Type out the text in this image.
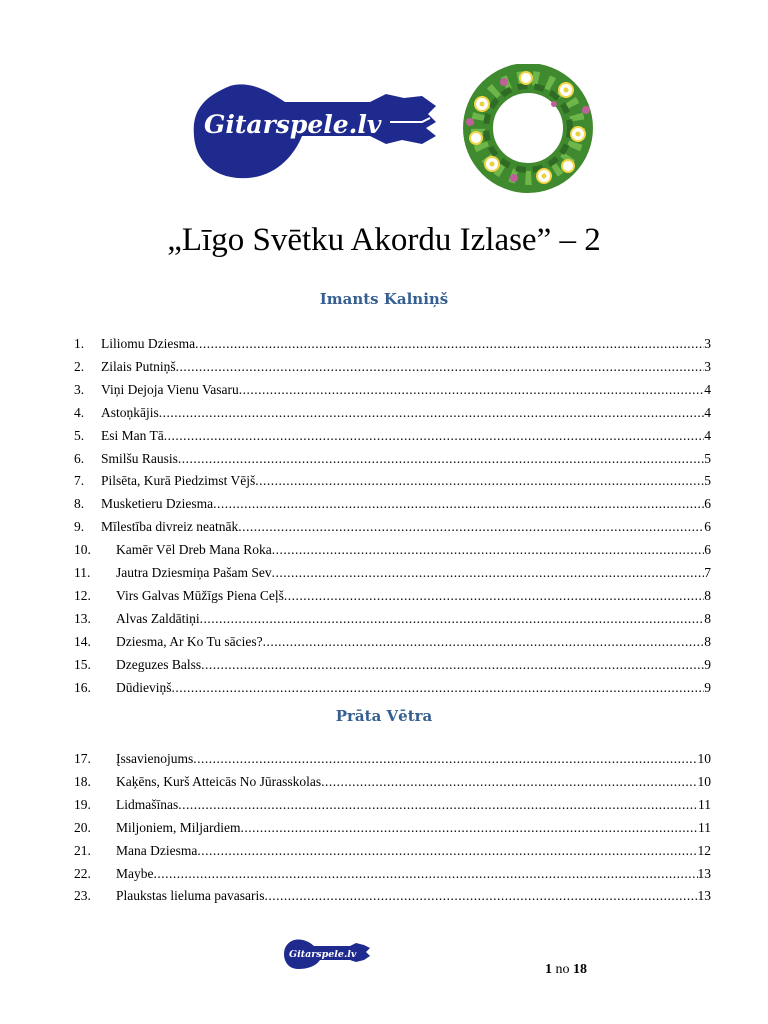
Gitarspele.lv
„Līgo Svētku Akordu Izlase” – 2
Imants Kalniņš
1. Liliomu Dziesma .....	3
2. Zilais Putniņš .....	3
3. Viņi Dejoja Vienu Vasaru .....	4
4. Astoņkājis .....	4
5. Esi Man Tā .....	4
6. Smilšu Rausis .....	5
7. Pilsēta, Kurā Piedzimst Vējš .....	5
8. Musketieru Dziesma .....	6
9. Mīlestība divreiz neatnāk .....	6
10. Kamēr Vēl Dreb Mana Roka .....	6
11. Jautra Dziesmiņa Pašam Sev .....	7
12. Virs Galvas Mūžīgs Piena Ceļš .....	8
13. Alvas Zaldātiņi .....	8
14. Dziesma, Ar Ko Tu sācies? .....	8
15. Dzeguzes Balss .....	9
16. Dūdieviņš .....	9
Prāta Vētra
17. Įssavienojums .....	10
18. Kaķēns, Kurš Atteicās No Jūrasskolas .....	10
19. Lidmašīnas .....	11
20. Miljoniem, Miljardiem .....	11
21. Mana Dziesma .....	12
22. Maybe .....	13
23. Plaukstas lieluma pavasaris .....	13
Gitarspele.lv
1 no 18
